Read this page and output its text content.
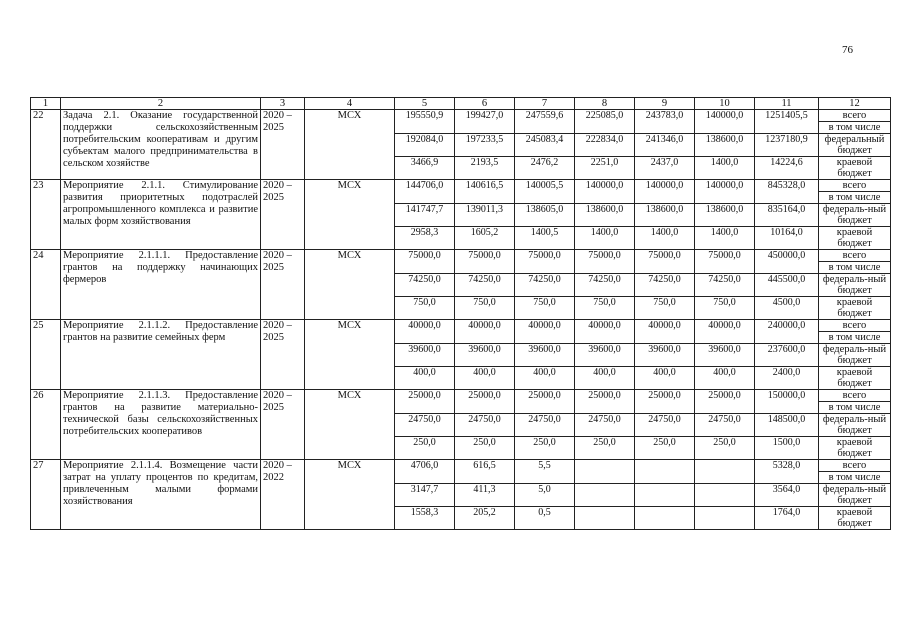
76
1	2	3	4	5	6	7	8	9	10	11	12
22	Задача 2.1. Оказание государственной поддержки сельскохозяйственным потребительским кооперативам и другим субъектам малого предпринимательства в сельском хозяйстве	2020 – 2025	МСХ	195550,9	199427,0	247559,6	225085,0	243783,0	140000,0	1251405,5	всего
											в том числе
				192084,0	197233,5	245083,4	222834,0	241346,0	138600,0	1237180,9	федеральный бюджет
				3466,9	2193,5	2476,2	2251,0	2437,0	1400,0	14224,6	краевой бюджет
23	Мероприятие 2.1.1. Стимулирование развития приоритетных подотраслей агропромышленного комплекса и развитие малых форм хозяйствования	2020 – 2025	МСХ	144706,0	140616,5	140005,5	140000,0	140000,0	140000,0	845328,0	всего
											в том числе
				141747,7	139011,3	138605,0	138600,0	138600,0	138600,0	835164,0	федераль-ный бюджет
				2958,3	1605,2	1400,5	1400,0	1400,0	1400,0	10164,0	краевой бюджет
24	Мероприятие 2.1.1.1. Предоставление грантов на поддержку начинающих фермеров	2020 – 2025	МСХ	75000,0	75000,0	75000,0	75000,0	75000,0	75000,0	450000,0	всего
											в том числе
				74250,0	74250,0	74250,0	74250,0	74250,0	74250,0	445500,0	федераль-ный бюджет
				750,0	750,0	750,0	750,0	750,0	750,0	4500,0	краевой бюджет
25	Мероприятие 2.1.1.2. Предоставление грантов на развитие семейных ферм	2020 – 2025	МСХ	40000,0	40000,0	40000,0	40000,0	40000,0	40000,0	240000,0	всего
											в том числе
				39600,0	39600,0	39600,0	39600,0	39600,0	39600,0	237600,0	федераль-ный бюджет
				400,0	400,0	400,0	400,0	400,0	400,0	2400,0	краевой бюджет
26	Мероприятие 2.1.1.3. Предоставление грантов на развитие материально-технической базы сельскохозяйственных потребительских кооперативов	2020 – 2025	МСХ	25000,0	25000,0	25000,0	25000,0	25000,0	25000,0	150000,0	всего
											в том числе
				24750,0	24750,0	24750,0	24750,0	24750,0	24750,0	148500,0	федераль-ный бюджет
				250,0	250,0	250,0	250,0	250,0	250,0	1500,0	краевой бюджет
27	Мероприятие 2.1.1.4. Возмещение части затрат на уплату процентов по кредитам, привлеченным малыми формами хозяйствования	2020 – 2022	МСХ	4706,0	616,5	5,5				5328,0	всего
											в том числе
				3147,7	411,3	5,0				3564,0	федераль-ный бюджет
				1558,3	205,2	0,5				1764,0	краевой бюджет
